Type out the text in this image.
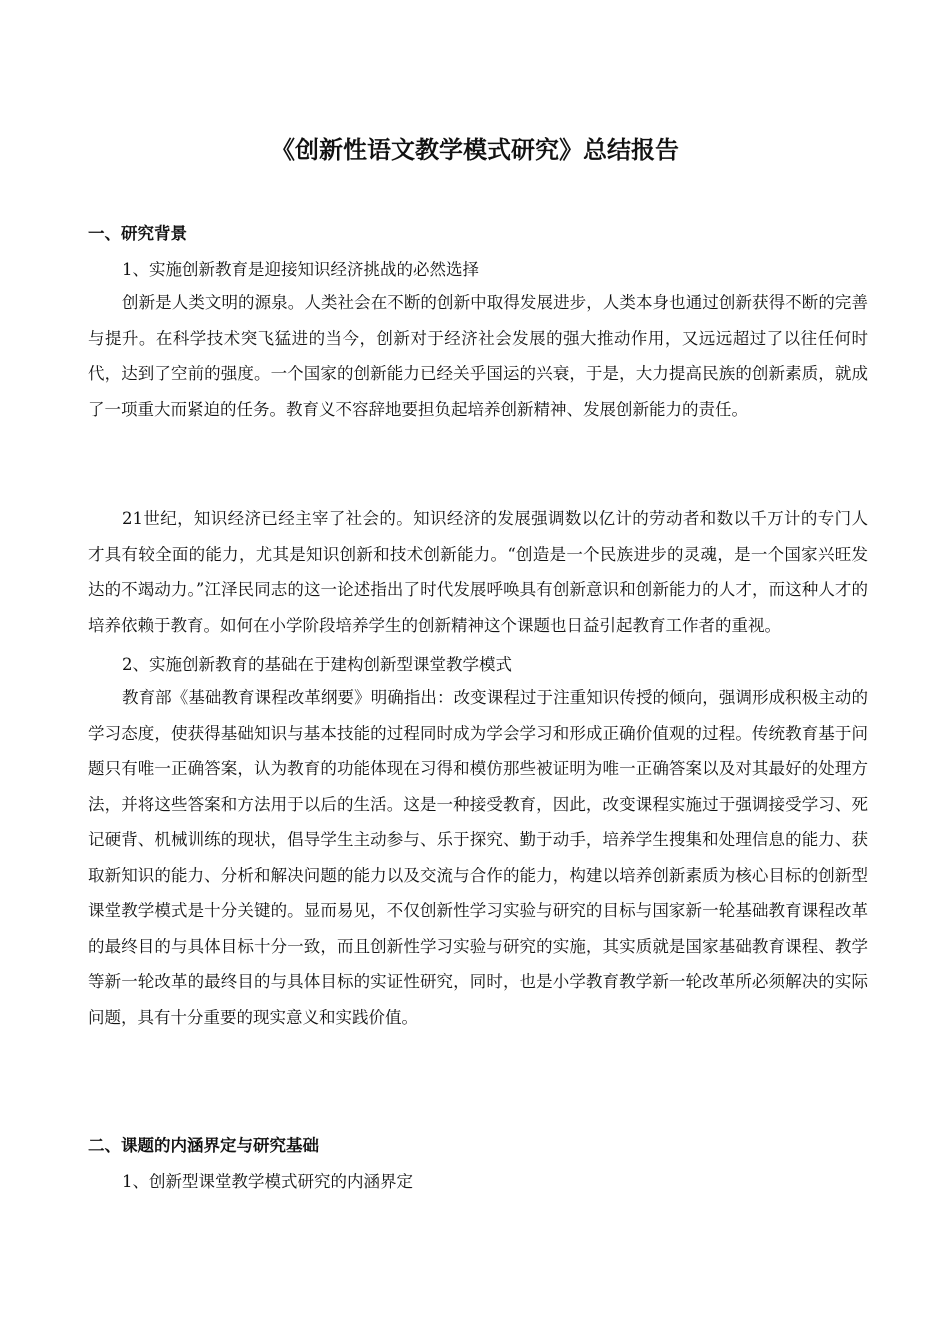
《创新性语文教学模式研究》总结报告
一、研究背景
1、实施创新教育是迎接知识经济挑战的必然选择

创新是人类文明的源泉。人类社会在不断的创新中取得发展进步，人类本身也通过创新获得不断的完善与提升。在科学技术突飞猛进的当今，创新对于经济社会发展的强大推动作用，又远远超过了以往任何时代，达到了空前的强度。一个国家的创新能力已经关乎国运的兴衰，于是，大力提高民族的创新素质，就成了一项重大而紧迫的任务。教育义不容辞地要担负起培养创新精神、发展创新能力的责任。

21世纪，知识经济已经主宰了社会的。知识经济的发展强调数以亿计的劳动者和数以千万计的专门人才具有较全面的能力，尤其是知识创新和技术创新能力。“创造是一个民族进步的灵魂，是一个国家兴旺发达的不竭动力。”江泽民同志的这一论述指出了时代发展呼唤具有创新意识和创新能力的人才，而这种人才的培养依赖于教育。如何在小学阶段培养学生的创新精神这个课题也日益引起教育工作者的重视。

2、实施创新教育的基础在于建构创新型课堂教学模式

教育部《基础教育课程改革纲要》明确指出：改变课程过于注重知识传授的倾向，强调形成积极主动的学习态度，使获得基础知识与基本技能的过程同时成为学会学习和形成正确价值观的过程。传统教育基于问题只有唯一正确答案，认为教育的功能体现在习得和模仿那些被证明为唯一正确答案以及对其最好的处理方法，并将这些答案和方法用于以后的生活。这是一种接受教育，因此，改变课程实施过于强调接受学习、死记硬背、机械训练的现状，倡导学生主动参与、乐于探究、勤于动手，培养学生搜集和处理信息的能力、获取新知识的能力、分析和解决问题的能力以及交流与合作的能力，构建以培养创新素质为核心目标的创新型课堂教学模式是十分关键的。显而易见，不仅创新性学习实验与研究的目标与国家新一轮基础教育课程改革的最终目的与具体目标十分一致，而且创新性学习实验与研究的实施，其实质就是国家基础教育课程、教学等新一轮改革的最终目的与具体目标的实证性研究，同时，也是小学教育教学新一轮改革所必须解决的实际问题，具有十分重要的现实意义和实践价值。

二、课题的内涵界定与研究基础
1、创新型课堂教学模式研究的内涵界定
